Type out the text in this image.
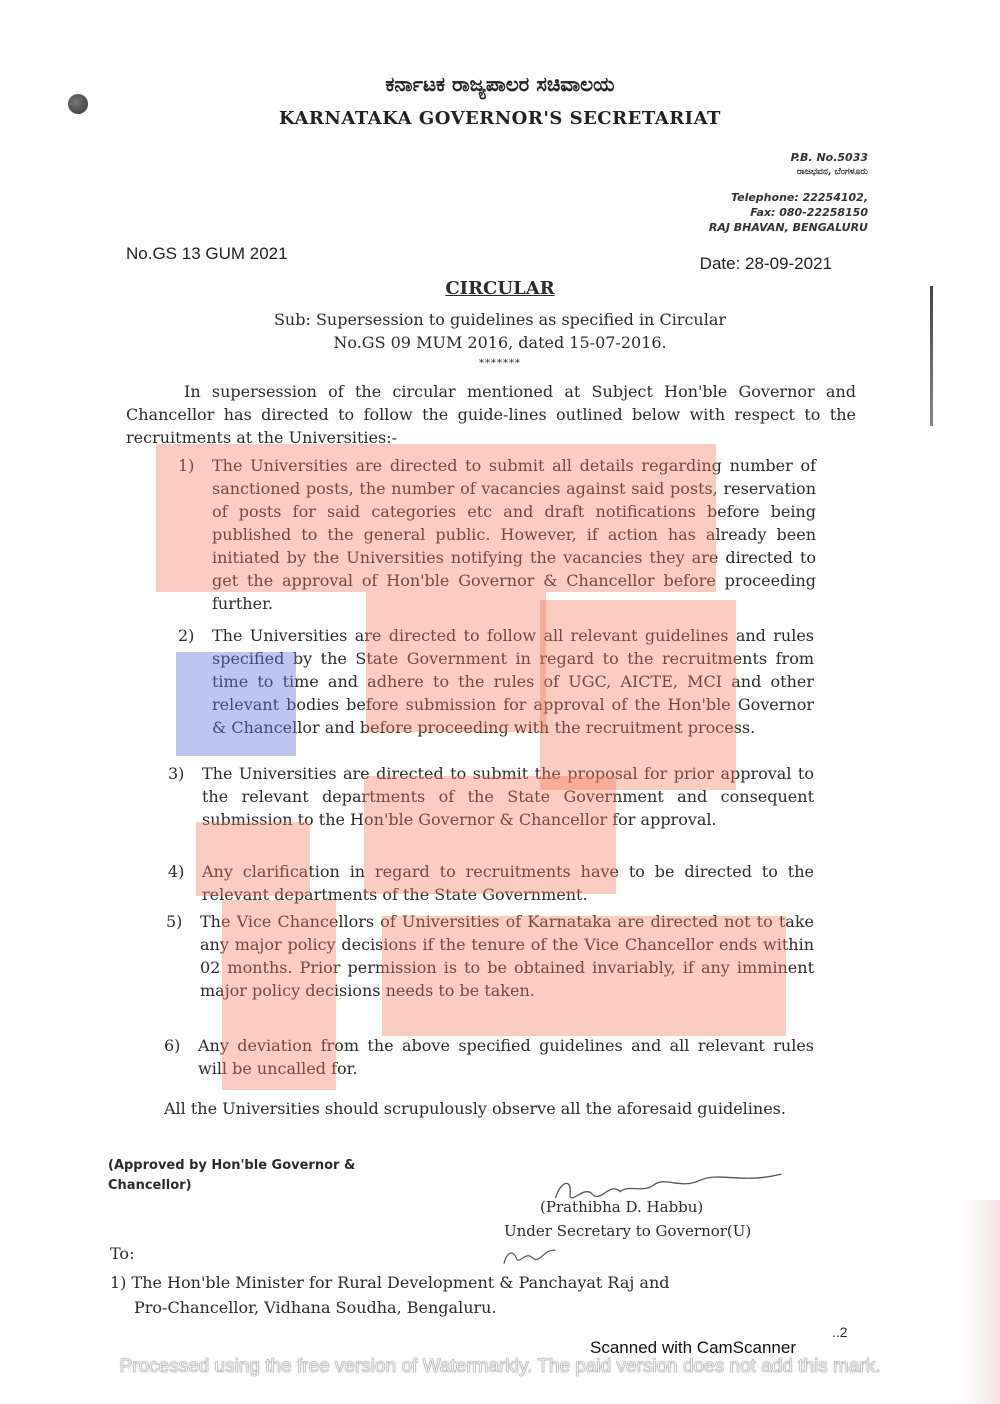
ಕರ್ನಾಟಕ ರಾಜ್ಯಪಾಲರ ಸಚಿವಾಲಯ
KARNATAKA GOVERNOR'S SECRETARIAT
P.B. No.5033
ರಾಜಭವನ, ಬೆಂಗಳೂರು
Telephone: 22254102,
Fax: 080-22258150
RAJ BHAVAN, BENGALURU
No.GS 13 GUM 2021
Date: 28-09-2021
CIRCULAR
Sub: Supersession to guidelines as specified in Circular
No.GS 09 MUM 2016, dated 15-07-2016.
*******
In supersession of the circular mentioned at Subject Hon'ble Governor and Chancellor has directed to follow the guide-lines outlined below with respect to the recruitments at the Universities:-
1) The Universities are directed to submit all details regarding number of sanctioned posts, the number of vacancies against said posts, reservation of posts for said categories etc and draft notifications before being published to the general public. However, if action has already been initiated by the Universities notifying the vacancies they are directed to get the approval of Hon'ble Governor & Chancellor before proceeding further.
2) The Universities are directed to follow all relevant guidelines and rules specified by the State Government in regard to the recruitments from time to time and adhere to the rules of UGC, AICTE, MCI and other relevant bodies before submission for approval of the Hon'ble Governor & Chancellor and before proceeding with the recruitment process.
3) The Universities are directed to submit the proposal for prior approval to the relevant departments of the State Government and consequent submission to the Hon'ble Governor & Chancellor for approval.
4) Any clarification in regard to recruitments have to be directed to the relevant departments of the State Government.
5) The Vice Chancellors of Universities of Karnataka are directed not to take any major policy decisions if the tenure of the Vice Chancellor ends within 02 months. Prior permission is to be obtained invariably, if any imminent major policy decisions needs to be taken.
6) Any deviation from the above specified guidelines and all relevant rules will be uncalled for.
All the Universities should scrupulously observe all the aforesaid guidelines.
(Approved by Hon'ble Governor & Chancellor)
(Prathibha D. Habbu)
Under Secretary to Governor(U)
To:
1) The Hon'ble Minister for Rural Development & Panchayat Raj and
Pro-Chancellor, Vidhana Soudha, Bengaluru.
..2
Scanned with CamScanner
Processed using the free version of Watermarkly. The paid version does not add this mark.
